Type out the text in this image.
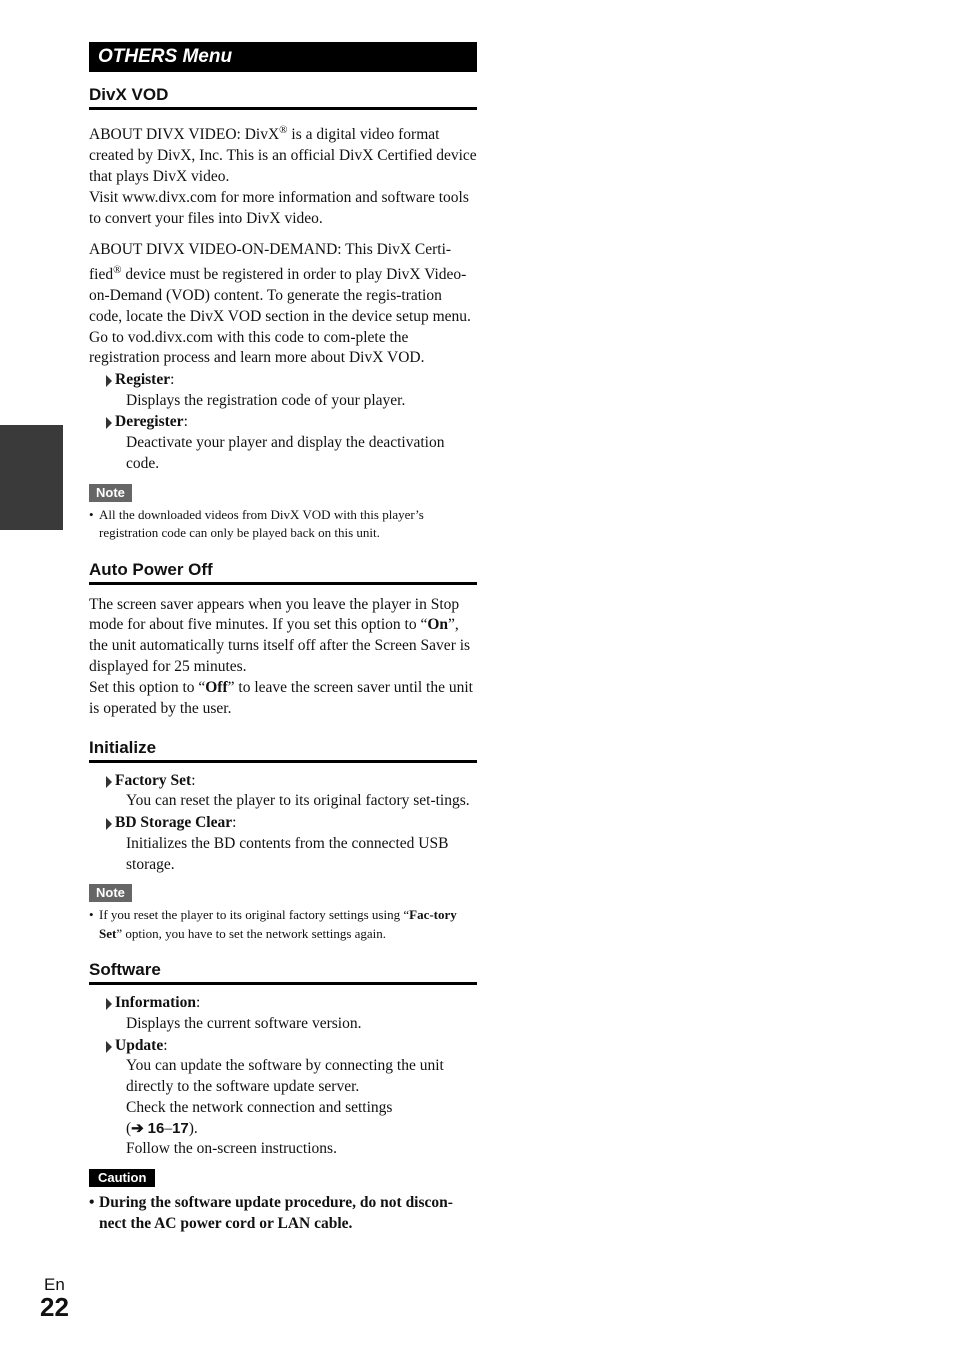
OTHERS Menu
DivX VOD

ABOUT DIVX VIDEO: DivX® is a digital video format created by DivX, Inc. This is an official DivX Certified device that plays DivX video.

Visit www.divx.com for more information and software tools to convert your files into DivX video.

ABOUT DIVX VIDEO-ON-DEMAND: This DivX Certi-fied® device must be registered in order to play DivX Video-on-Demand (VOD) content. To generate the regis-tration code, locate the DivX VOD section in the device setup menu. Go to vod.divx.com with this code to com-plete the registration process and learn more about DivX VOD.

Register:
Displays the registration code of your player.
Deregister:
Deactivate your player and display the deactivation code.
Note
• All the downloaded videos from DivX VOD with this player’s registration code can only be played back on this unit.
Auto Power Off

The screen saver appears when you leave the player in Stop mode for about five minutes. If you set this option to “On”, the unit automatically turns itself off after the Screen Saver is displayed for 25 minutes.

Set this option to “Off” to leave the screen saver until the unit is operated by the user.

Initialize
Factory Set:
You can reset the player to its original factory set-tings.
BD Storage Clear:
Initializes the BD contents from the connected USB storage.
Note
• If you reset the player to its original factory settings using “Fac-tory Set” option, you have to set the network settings again.
Software
Information:
Displays the current software version.
Update:
You can update the software by connecting the unit directly to the software update server.
Check the network connection and settings
(➔ 16–17).
Follow the on-screen instructions.
Caution
• During the software update procedure, do not discon-nect the AC power cord or LAN cable.
En
22
